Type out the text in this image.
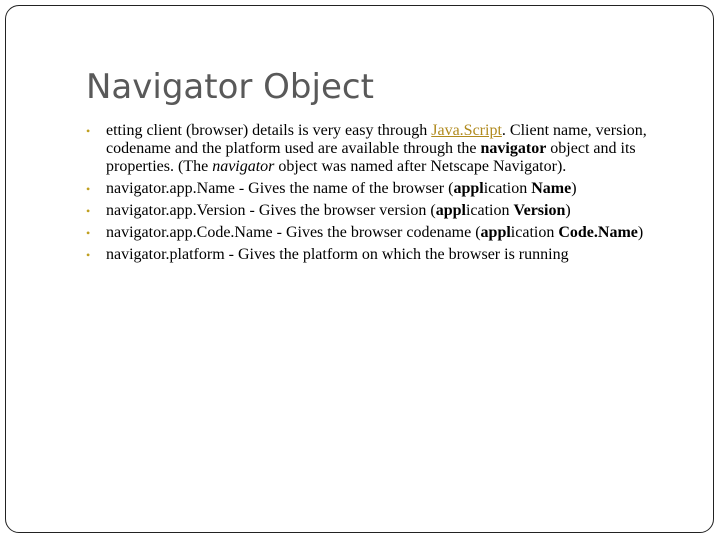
Navigator Object
• etting client (browser) details is very easy through Java.Script. Client name, version, codename and the platform used are available through the navigator object and its properties. (The navigator object was named after Netscape Navigator).
• navigator.app.Name - Gives the name of the browser (application Name)
• navigator.app.Version - Gives the browser version (application Version)
• navigator.app.Code.Name - Gives the browser codename (application Code.Name)
• navigator.platform - Gives the platform on which the browser is running
